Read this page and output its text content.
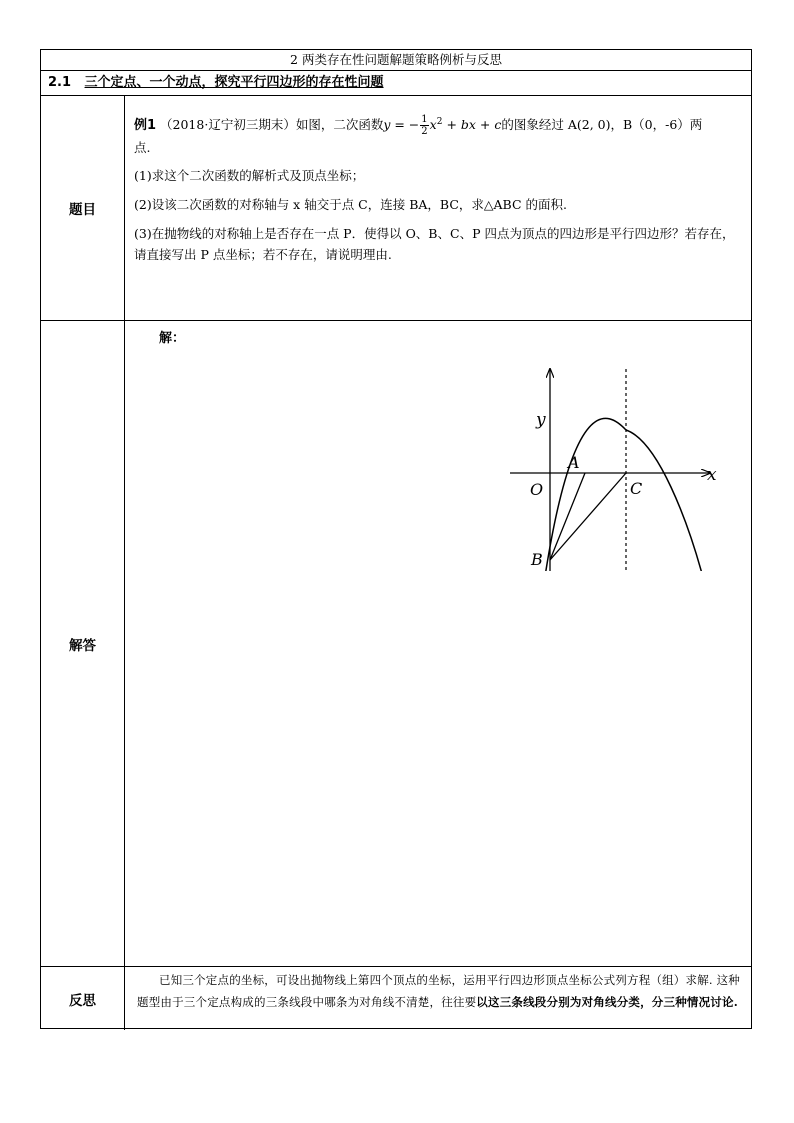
2 两类存在性问题解题策略例析与反思
2.1 三个定点、一个动点，探究平行四边形的存在性问题
题目
例1 （2018·辽宁初三期末）如图，二次函数y = − $\frac{1}{2} x^2$ + bx + c的图象经过 A(2, 0)，B（0，-6）两
点.
(1)求这个二次函数的解析式及顶点坐标；
(2)设该二次函数的对称轴与 x 轴交于点 C，连接 BA，BC，求△ABC 的面积.
(3)在抛物线的对称轴上是否存在一点 P．使得以 O、B、C、P 四点为顶点的四边形是平行四边形？若存在，请直接写出 P 点坐标；若不存在，请说明理由.
解答
解：
y
x
O
A
B
C
反思
已知三个定点的坐标，可设出抛物线上第四个顶点的坐标，运用平行四边形顶点坐标公式列方程（组）求解. 这种题型由于三个定点构成的三条线段中哪条为对角线不清楚，往往要以这三条线段分别为对角线分类，分三种情况讨论.
